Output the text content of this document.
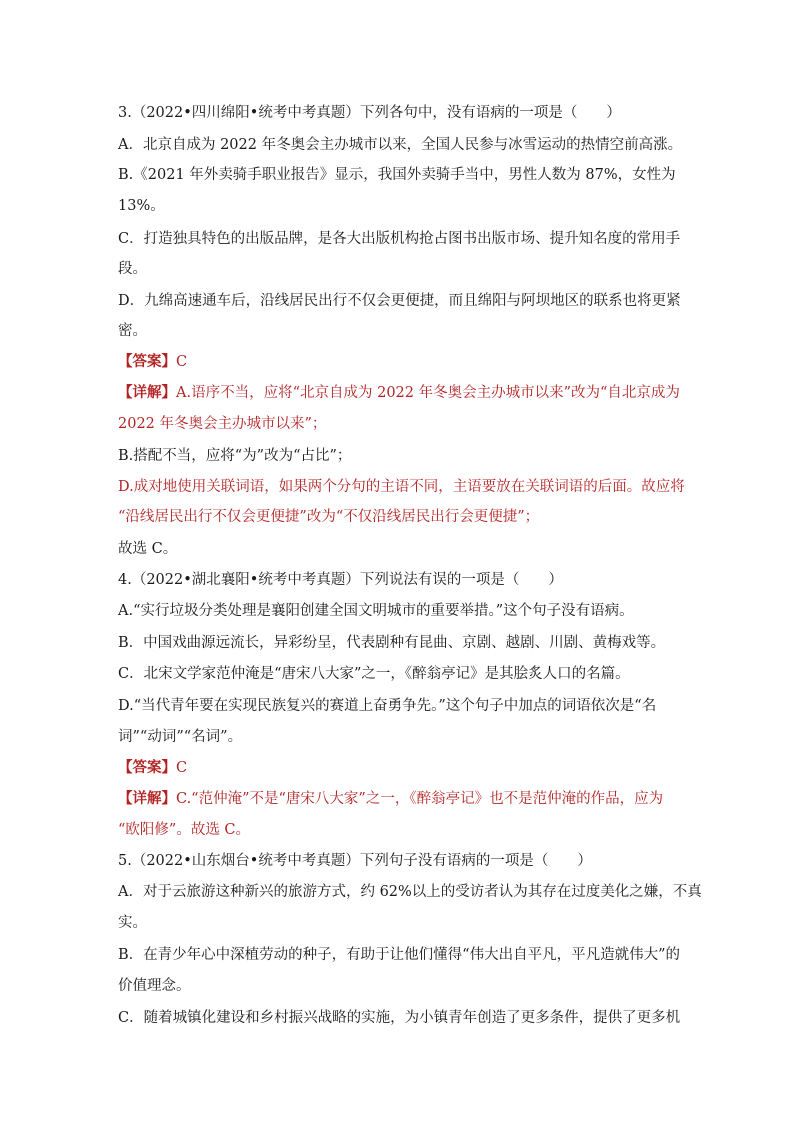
3.（2022•四川绵阳•统考中考真题）下列各句中，没有语病的一项是（　　）
A．北京自成为 2022 年冬奥会主办城市以来，全国人民参与冰雪运动的热情空前高涨。
B.《2021 年外卖骑手职业报告》显示，我国外卖骑手当中，男性人数为 87%，女性为
13%。
C．打造独具特色的出版品牌，是各大出版机构抢占图书出版市场、提升知名度的常用手
段。
D．九绵高速通车后，沿线居民出行不仅会更便捷，而且绵阳与阿坝地区的联系也将更紧
密。
【答案】C
【详解】A.语序不当，应将“北京自成为 2022 年冬奥会主办城市以来”改为“自北京成为
2022 年冬奥会主办城市以来”；
B.搭配不当，应将“为”改为“占比”；
D.成对地使用关联词语，如果两个分句的主语不同，主语要放在关联词语的后面。故应将
“沿线居民出行不仅会更便捷”改为“不仅沿线居民出行会更便捷”；
故选 C。
4.（2022•湖北襄阳•统考中考真题）下列说法有误的一项是（　　）
A.“实行垃圾分类处理是襄阳创建全国文明城市的重要举措。”这个句子没有语病。
B．中国戏曲源远流长，异彩纷呈，代表剧种有昆曲、京剧、越剧、川剧、黄梅戏等。
C．北宋文学家范仲淹是“唐宋八大家”之一，《醉翁亭记》是其脍炙人口的名篇。
D.“当代青年要在实现民族复兴的赛道上奋勇争先。”这个句子中加点的词语依次是“名
词”“动词”“名词”。
【答案】C
【详解】C.“范仲淹”不是“唐宋八大家”之一，《醉翁亭记》也不是范仲淹的作品，应为
“欧阳修”。故选 C。
5.（2022•山东烟台•统考中考真题）下列句子没有语病的一项是（　　）
A．对于云旅游这种新兴的旅游方式，约 62%以上的受访者认为其存在过度美化之嫌，不真
实。
B．在青少年心中深植劳动的种子，有助于让他们懂得“伟大出自平凡，平凡造就伟大”的
价值理念。
C．随着城镇化建设和乡村振兴战略的实施，为小镇青年创造了更多条件，提供了更多机
